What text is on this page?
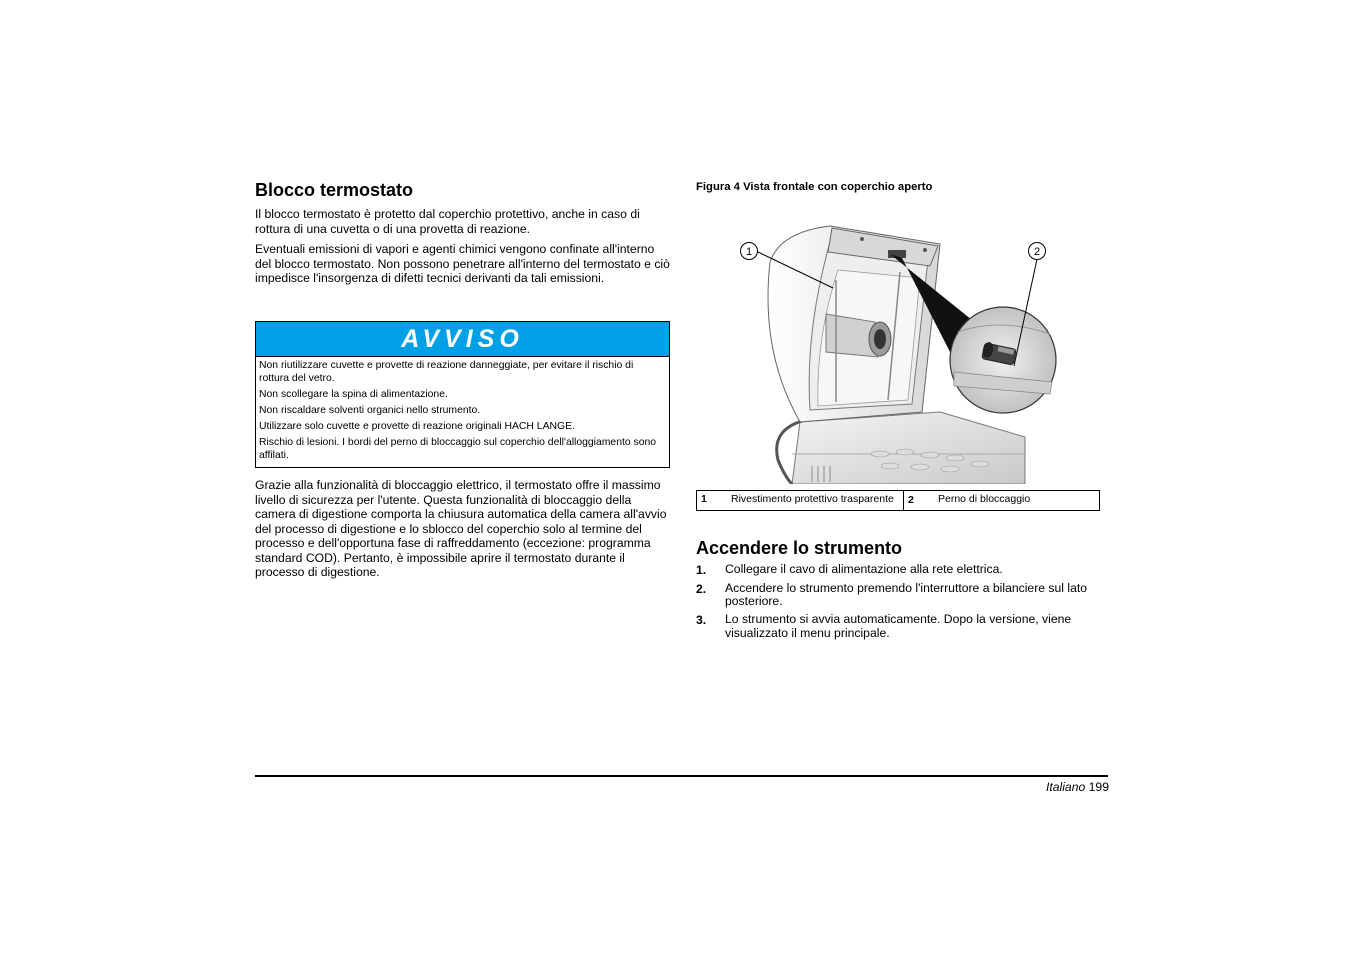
Blocco termostato

Il blocco termostato è protetto dal coperchio protettivo, anche in caso di rottura di una cuvetta o di una provetta di reazione.

Eventuali emissioni di vapori e agenti chimici vengono confinate all'interno del blocco termostato. Non possono penetrare all'interno del termostato e ciò impedisce l'insorgenza di difetti tecnici derivanti da tali emissioni.

AVVISO
Non riutilizzare cuvette e provette di reazione danneggiate, per evitare il rischio di rottura del vetro.
Non scollegare la spina di alimentazione.
Non riscaldare solventi organici nello strumento.
Utilizzare solo cuvette e provette di reazione originali HACH LANGE.
Rischio di lesioni. I bordi del perno di bloccaggio sul coperchio dell'alloggiamento sono affilati.

Grazie alla funzionalità di bloccaggio elettrico, il termostato offre il massimo livello di sicurezza per l'utente. Questa funzionalità di bloccaggio della camera di digestione comporta la chiusura automatica della camera all'avvio del processo di digestione e lo sblocco del coperchio solo al termine del processo e dell'opportuna fase di raffreddamento (eccezione: programma standard COD). Pertanto, è impossibile aprire il termostato durante il processo di digestione.

Figura 4 Vista frontale con coperchio aperto
1	2
1	Rivestimento protettivo trasparente	2	Perno di bloccaggio
Accendere lo strumento
1.	Collegare il cavo di alimentazione alla rete elettrica.
2.	Accendere lo strumento premendo l'interruttore a bilanciere sul lato posteriore.
3.	Lo strumento si avvia automaticamente. Dopo la versione, viene visualizzato il menu principale.
Italiano 199
